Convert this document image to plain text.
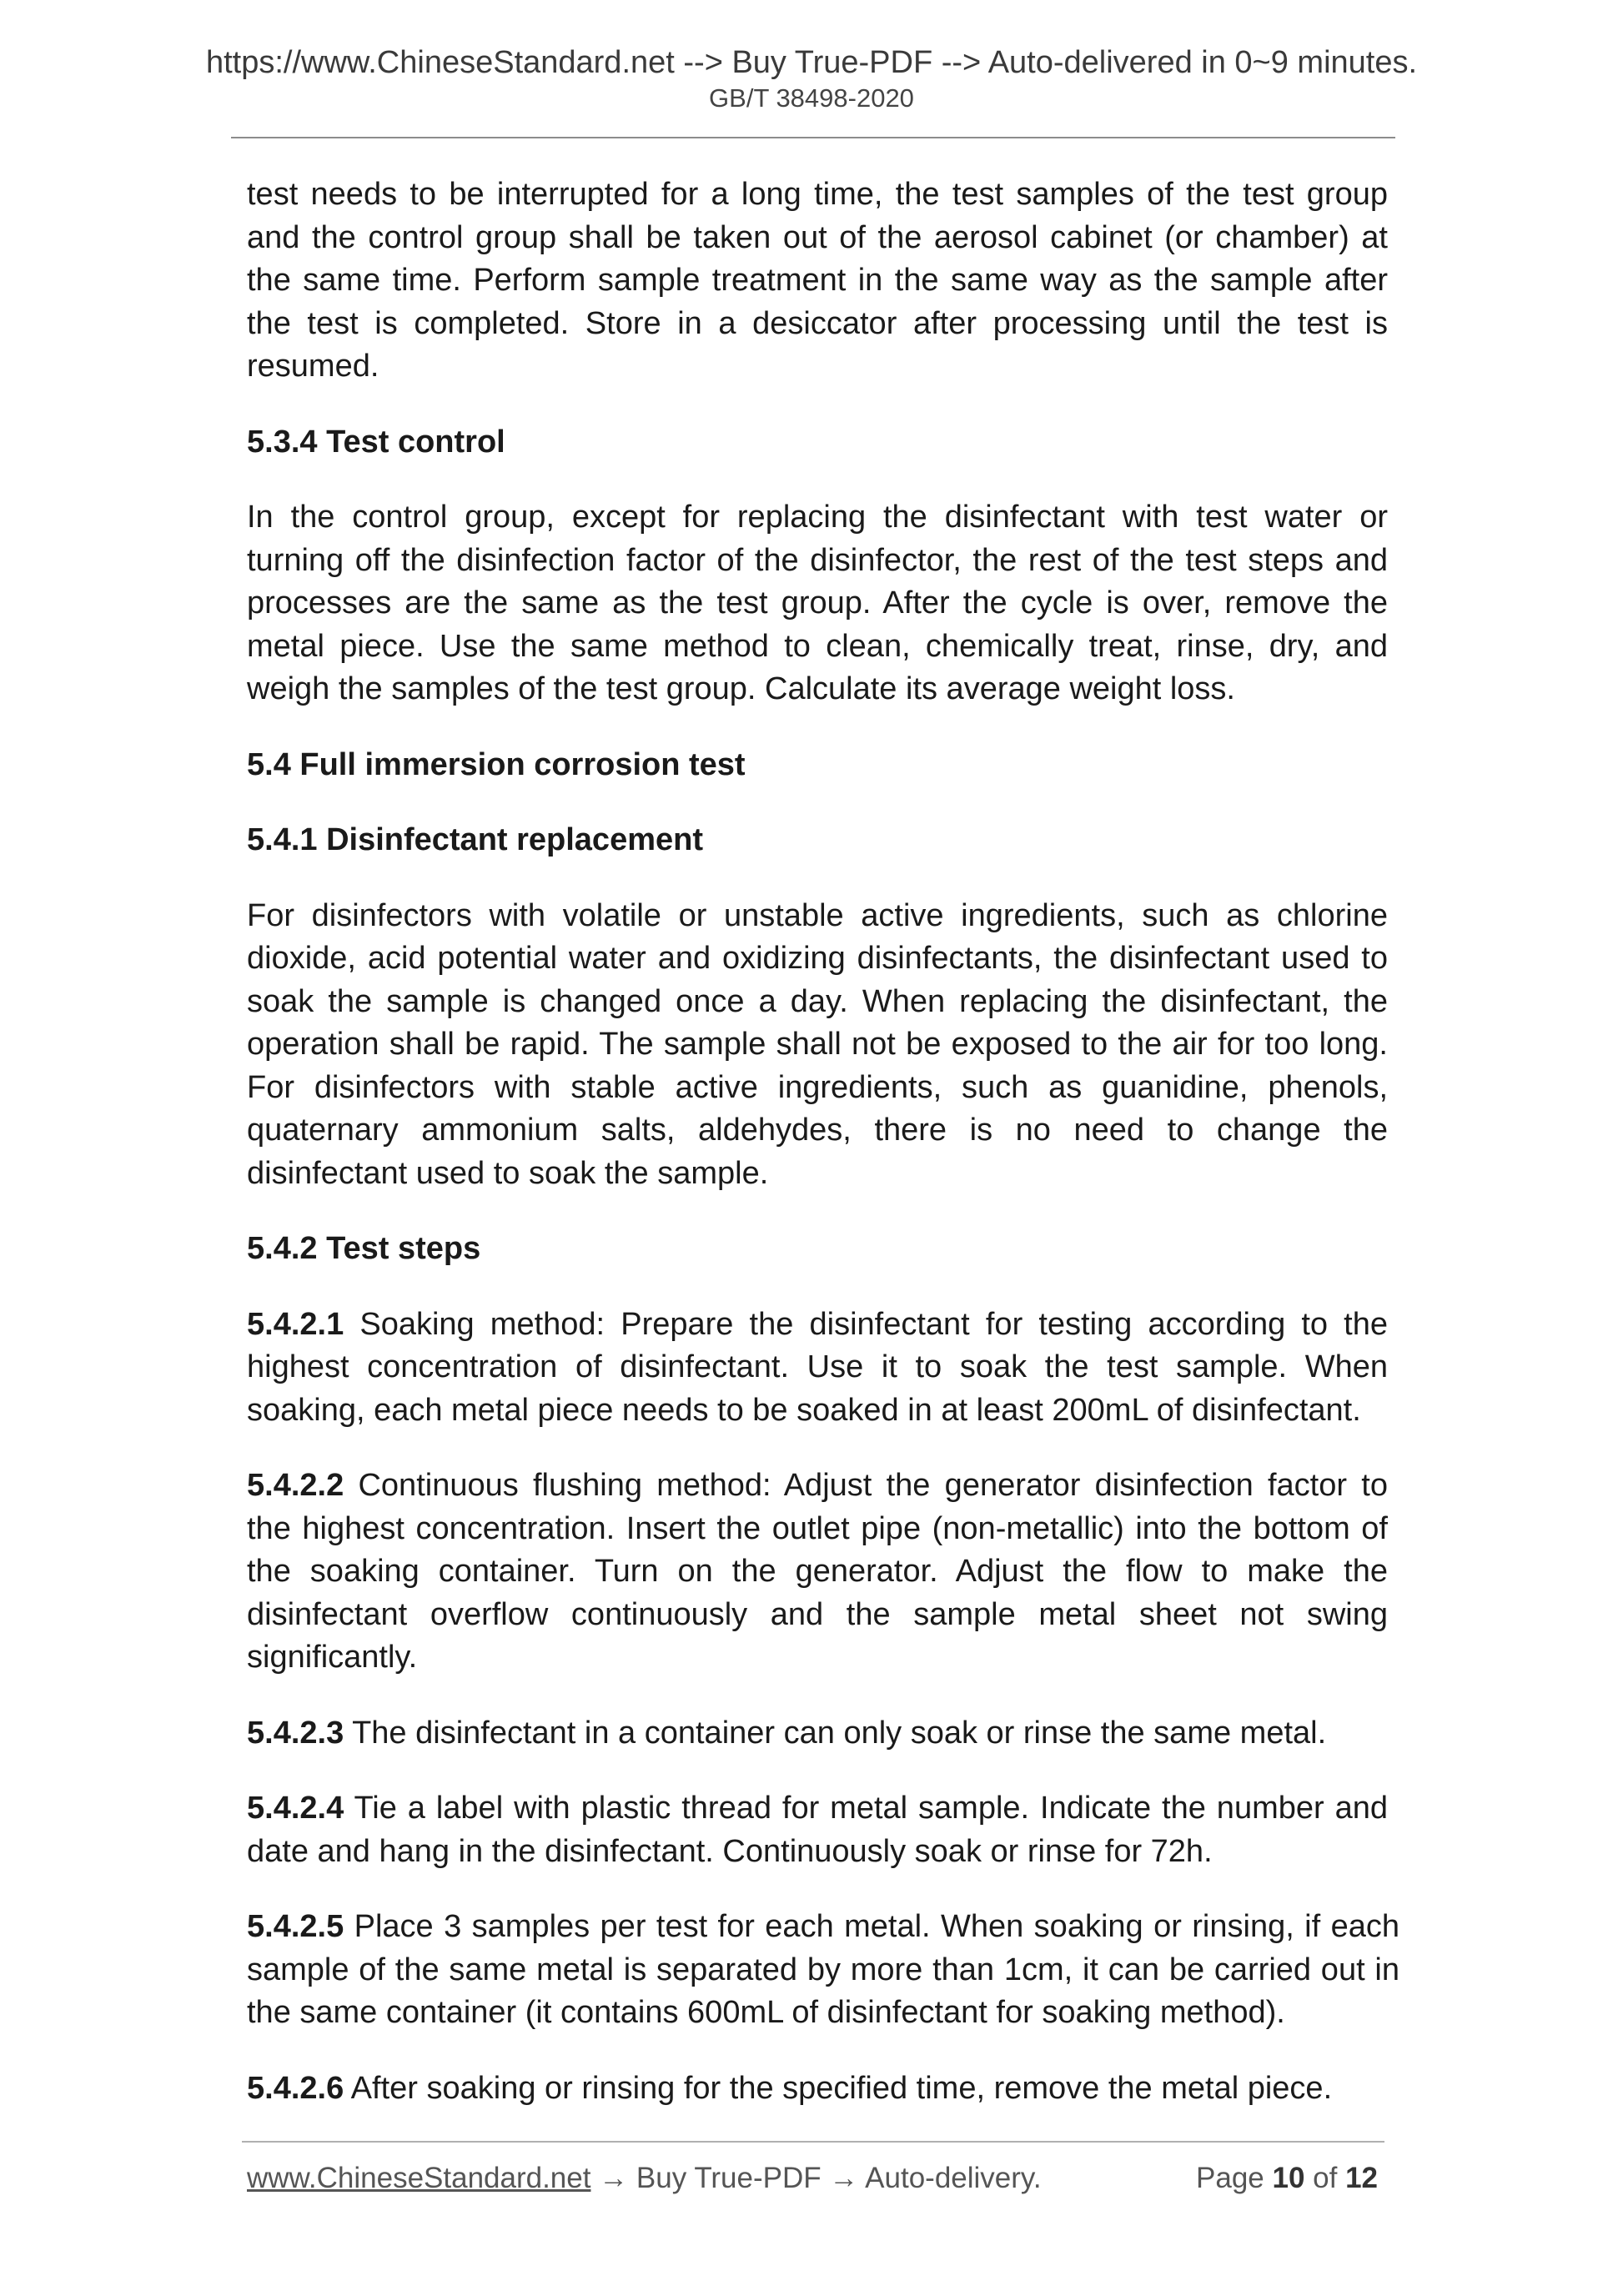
https://www.ChineseStandard.net --> Buy True-PDF --> Auto-delivered in 0~9 minutes.
GB/T 38498-2020

test needs to be interrupted for a long time, the test samples of the test group and the control group shall be taken out of the aerosol cabinet (or chamber) at the same time. Perform sample treatment in the same way as the sample after the test is completed. Store in a desiccator after processing until the test is resumed.

5.3.4 Test control

In the control group, except for replacing the disinfectant with test water or turning off the disinfection factor of the disinfector, the rest of the test steps and processes are the same as the test group. After the cycle is over, remove the metal piece. Use the same method to clean, chemically treat, rinse, dry, and weigh the samples of the test group. Calculate its average weight loss.

5.4 Full immersion corrosion test
5.4.1 Disinfectant replacement

For disinfectors with volatile or unstable active ingredients, such as chlorine dioxide, acid potential water and oxidizing disinfectants, the disinfectant used to soak the sample is changed once a day. When replacing the disinfectant, the operation shall be rapid. The sample shall not be exposed to the air for too long. For disinfectors with stable active ingredients, such as guanidine, phenols, quaternary ammonium salts, aldehydes, there is no need to change the disinfectant used to soak the sample.

5.4.2 Test steps

5.4.2.1 Soaking method: Prepare the disinfectant for testing according to the highest concentration of disinfectant. Use it to soak the test sample. When soaking, each metal piece needs to be soaked in at least 200mL of disinfectant.

5.4.2.2 Continuous flushing method: Adjust the generator disinfection factor to the highest concentration. Insert the outlet pipe (non-metallic) into the bottom of the soaking container. Turn on the generator. Adjust the flow to make the disinfectant overflow continuously and the sample metal sheet not swing significantly.

5.4.2.3 The disinfectant in a container can only soak or rinse the same metal.

5.4.2.4 Tie a label with plastic thread for metal sample. Indicate the number and date and hang in the disinfectant. Continuously soak or rinse for 72h.

5.4.2.5 Place 3 samples per test for each metal. When soaking or rinsing, if each sample of the same metal is separated by more than 1cm, it can be carried out in the same container (it contains 600mL of disinfectant for soaking method).

5.4.2.6 After soaking or rinsing for the specified time, remove the metal piece.

www.ChineseStandard.net → Buy True-PDF → Auto-delivery.	Page 10 of 12
